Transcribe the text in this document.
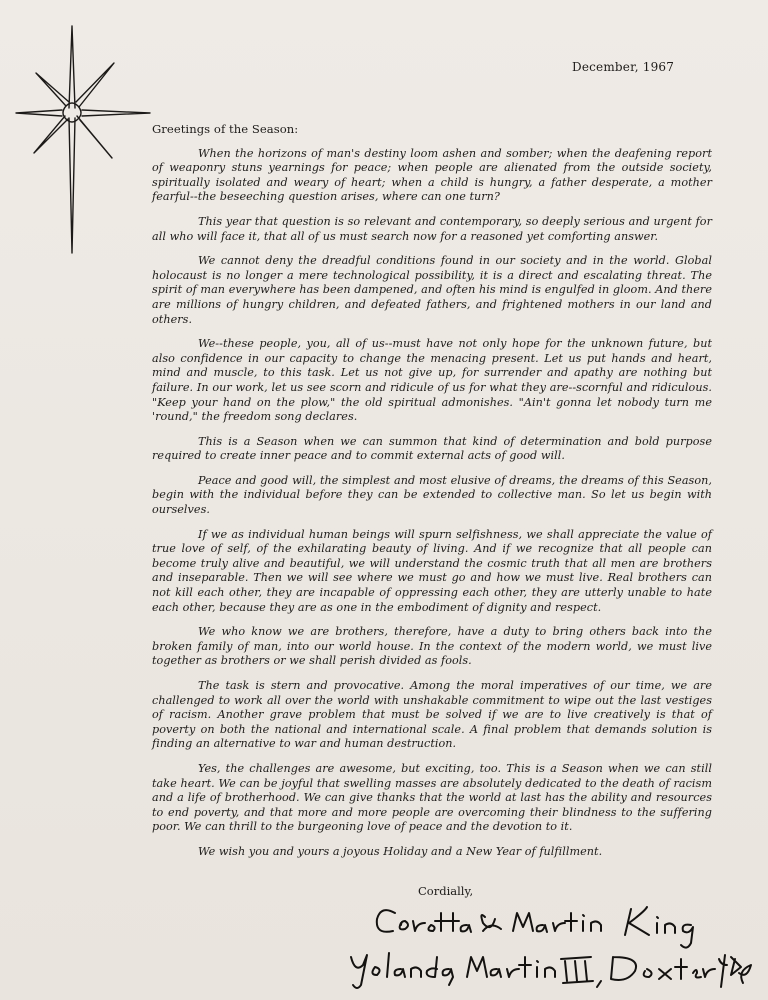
December, 1967

Greetings of the Season:

When the horizons of man's destiny loom ashen and somber; when the deafening report of weaponry stuns yearnings for peace; when people are alienated from the outside society, spiritually isolated and weary of heart; when a child is hungry, a father desperate, a mother fearful--the beseeching question arises, where can one turn?

This year that question is so relevant and contemporary, so deeply serious and urgent for all who will face it, that all of us must search now for a reasoned yet comforting answer.

We cannot deny the dreadful conditions found in our society and in the world. Global holocaust is no longer a mere technological possibility, it is a direct and escalating threat. The spirit of man everywhere has been dampened, and often his mind is engulfed in gloom. And there are millions of hungry children, and defeated fathers, and frightened mothers in our land and others.

We--these people, you, all of us--must have not only hope for the unknown future, but also confidence in our capacity to change the menacing present. Let us put hands and heart, mind and muscle, to this task. Let us not give up, for surrender and apathy are nothing but failure. In our work, let us see scorn and ridicule of us for what they are--scornful and ridiculous. "Keep your hand on the plow," the old spiritual admonishes. "Ain't gonna let nobody turn me 'round," the freedom song declares.

This is a Season when we can summon that kind of determination and bold purpose required to create inner peace and to commit external acts of good will.

Peace and good will, the simplest and most elusive of dreams, the dreams of this Season, begin with the individual before they can be extended to collective man. So let us begin with ourselves.

If we as individual human beings will spurn selfishness, we shall appreciate the value of true love of self, of the exhilarating beauty of living. And if we recognize that all people can become truly alive and beautiful, we will understand the cosmic truth that all men are brothers and inseparable. Then we will see where we must go and how we must live. Real brothers can not kill each other, they are incapable of oppressing each other, they are utterly unable to hate each other, because they are as one in the embodiment of dignity and respect.

We who know we are brothers, therefore, have a duty to bring others back into the broken family of man, into our world house. In the context of the modern world, we must live together as brothers or we shall perish divided as fools.

The task is stern and provocative. Among the moral imperatives of our time, we are challenged to work all over the world with unshakable commitment to wipe out the last vestiges of racism. Another grave problem that must be solved if we are to live creatively is that of poverty on both the national and international scale. A final problem that demands solution is finding an alternative to war and human destruction.

Yes, the challenges are awesome, but exciting, too. This is a Season when we can still take heart. We can be joyful that swelling masses are absolutely dedicated to the death of racism and a life of brotherhood. We can give thanks that the world at last has the ability and resources to end poverty, and that more and more people are overcoming their blindness to the suffering poor. We can thrill to the burgeoning love of peace and the devotion to it.

We wish you and yours a joyous Holiday and a New Year of fulfillment.

Cordially,
